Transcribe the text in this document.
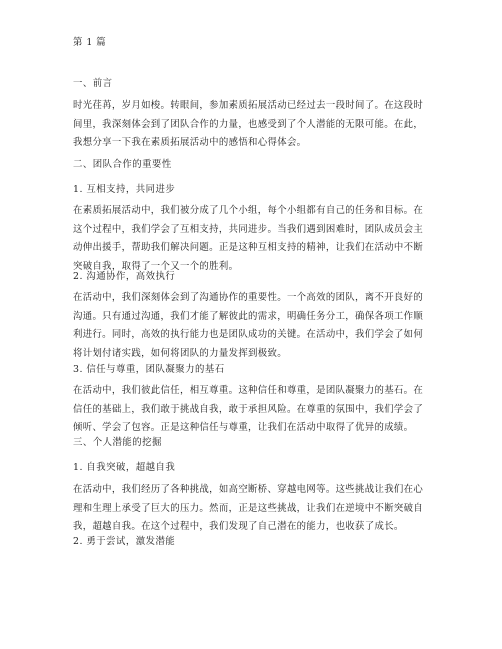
第 1 篇
一、前言
时光荏苒，岁月如梭。转眼间，参加素质拓展活动已经过去一段时间了。在这段时
间里，我深刻体会到了团队合作的力量，也感受到了个人潜能的无限可能。在此，
我想分享一下我在素质拓展活动中的感悟和心得体会。
二、团队合作的重要性
1. 互相支持，共同进步
在素质拓展活动中，我们被分成了几个小组，每个小组都有自己的任务和目标。在
这个过程中，我们学会了互相支持，共同进步。当我们遇到困难时，团队成员会主
动伸出援手，帮助我们解决问题。正是这种互相支持的精神，让我们在活动中不断
突破自我，取得了一个又一个的胜利。
2. 沟通协作，高效执行
在活动中，我们深刻体会到了沟通协作的重要性。一个高效的团队，离不开良好的
沟通。只有通过沟通，我们才能了解彼此的需求，明确任务分工，确保各项工作顺
利进行。同时，高效的执行能力也是团队成功的关键。在活动中，我们学会了如何
将计划付诸实践，如何将团队的力量发挥到极致。
3. 信任与尊重，团队凝聚力的基石
在活动中，我们彼此信任，相互尊重。这种信任和尊重，是团队凝聚力的基石。在
信任的基础上，我们敢于挑战自我，敢于承担风险。在尊重的氛围中，我们学会了
倾听、学会了包容。正是这种信任与尊重，让我们在活动中取得了优异的成绩。
三、个人潜能的挖掘
1. 自我突破，超越自我
在活动中，我们经历了各种挑战，如高空断桥、穿越电网等。这些挑战让我们在心
理和生理上承受了巨大的压力。然而，正是这些挑战，让我们在逆境中不断突破自
我，超越自我。在这个过程中，我们发现了自己潜在的能力，也收获了成长。
2. 勇于尝试，激发潜能
